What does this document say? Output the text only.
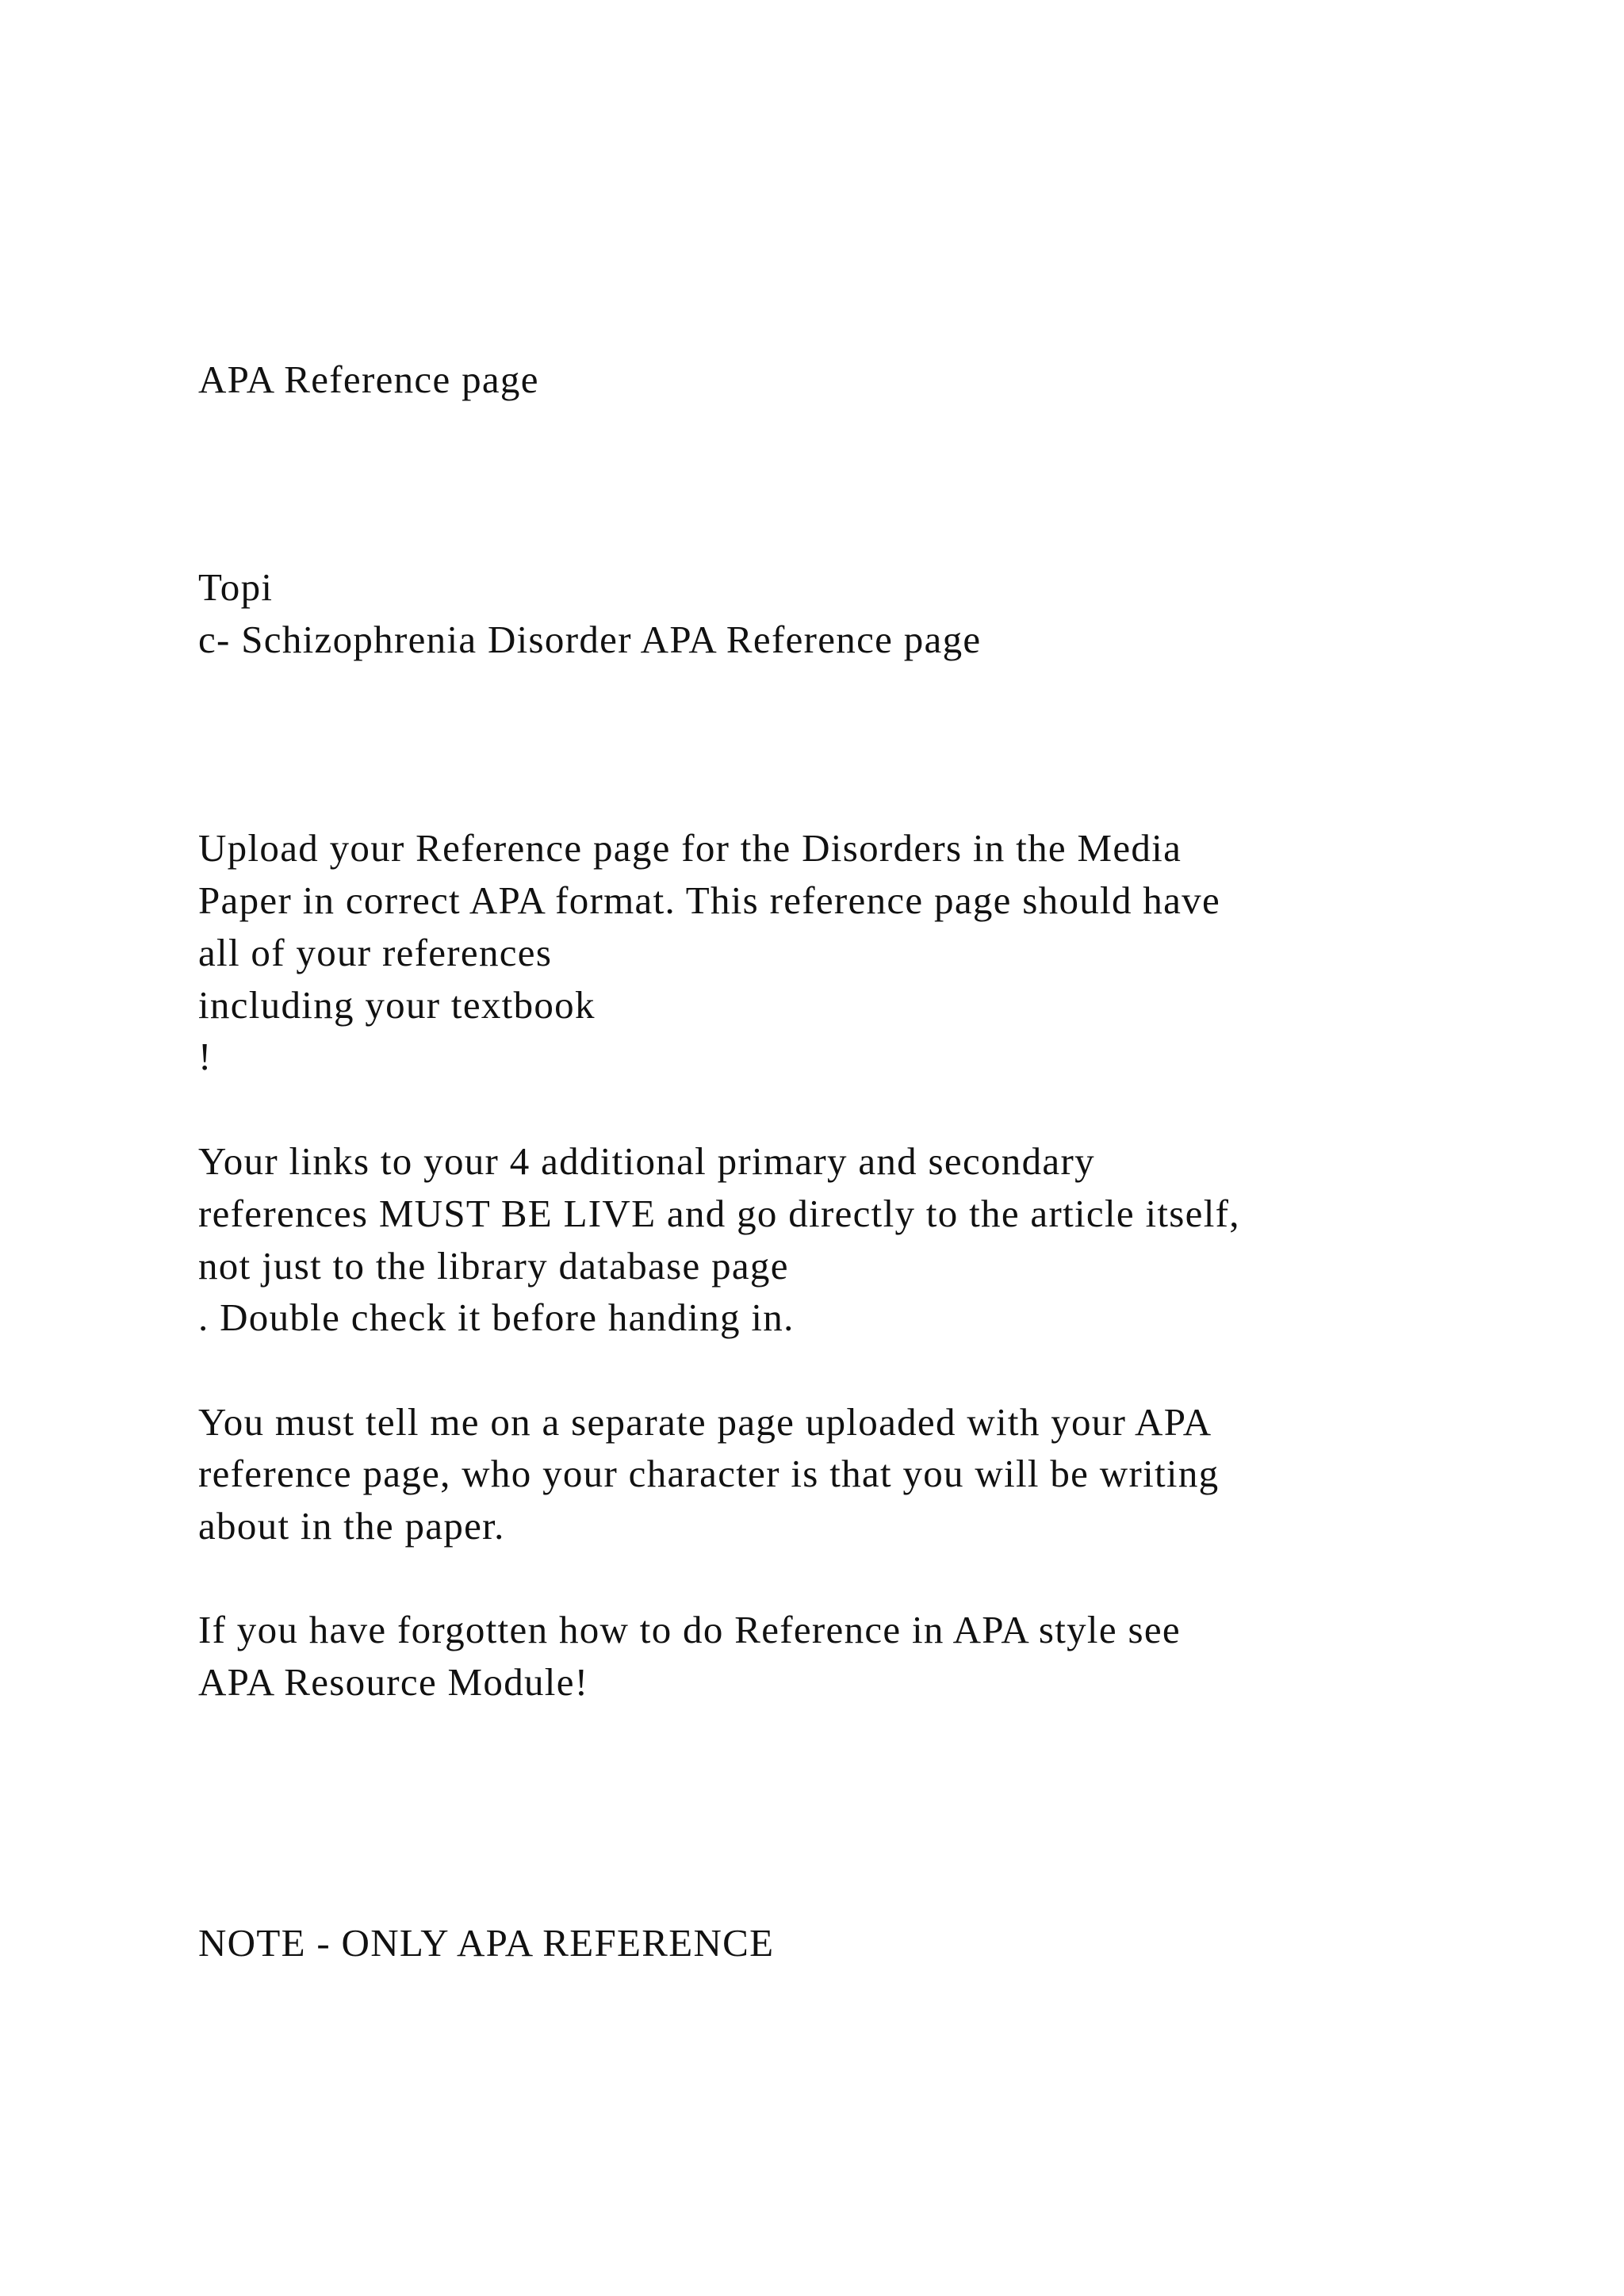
APA Reference page

Topi

c- Schizophrenia Disorder APA Reference page

Upload your Reference page for the Disorders in the Media

Paper in correct APA format. This reference page should have

all of your references

including your textbook

!

Your links to your 4 additional primary and secondary

references MUST BE LIVE and go directly to the article itself,

not just to the library database page

. Double check it before handing in.

You must tell me on a separate page uploaded with your APA

reference page, who your character is that you will be writing

about in the paper.

If you have forgotten how to do Reference in APA style see

APA Resource Module!

NOTE - ONLY APA REFERENCE
